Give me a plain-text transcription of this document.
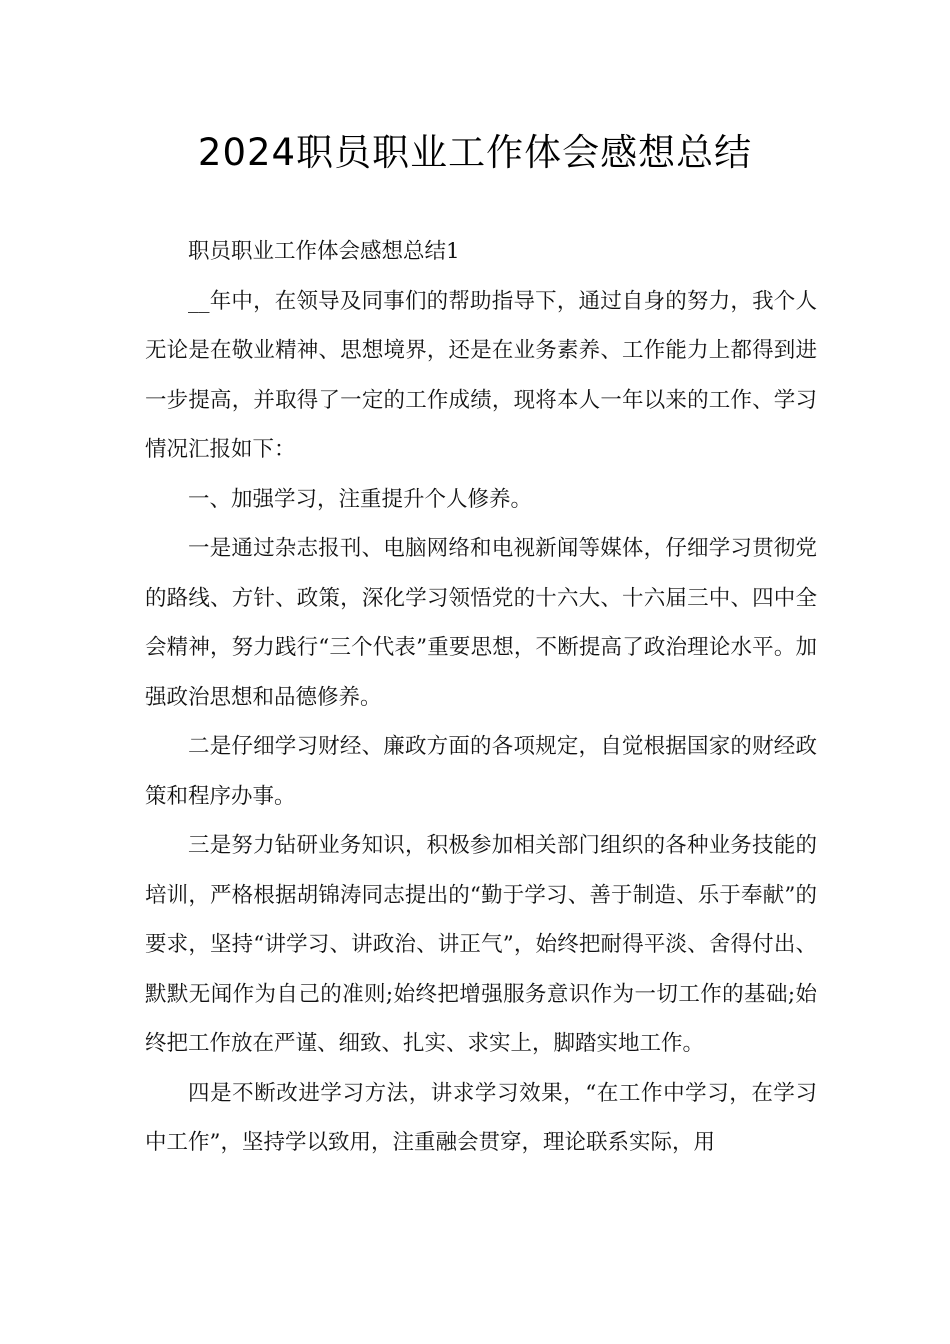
2024职员职业工作体会感想总结

职员职业工作体会感想总结1

__年中，在领导及同事们的帮助指导下，通过自身的努力，我个人无论是在敬业精神、思想境界，还是在业务素养、工作能力上都得到进一步提高，并取得了一定的工作成绩，现将本人一年以来的工作、学习情况汇报如下：

一、加强学习，注重提升个人修养。

一是通过杂志报刊、电脑网络和电视新闻等媒体，仔细学习贯彻党的路线、方针、政策，深化学习领悟党的十六大、十六届三中、四中全会精神，努力践行“三个代表”重要思想，不断提高了政治理论水平。加强政治思想和品德修养。

二是仔细学习财经、廉政方面的各项规定，自觉根据国家的财经政策和程序办事。

三是努力钻研业务知识，积极参加相关部门组织的各种业务技能的培训，严格根据胡锦涛同志提出的“勤于学习、善于制造、乐于奉献”的要求，坚持“讲学习、讲政治、讲正气”，始终把耐得平淡、舍得付出、默默无闻作为自己的准则;始终把增强服务意识作为一切工作的基础;始终把工作放在严谨、细致、扎实、求实上，脚踏实地工作。

四是不断改进学习方法，讲求学习效果，“在工作中学习，在学习中工作”，坚持学以致用，注重融会贯穿，理论联系实际，用
